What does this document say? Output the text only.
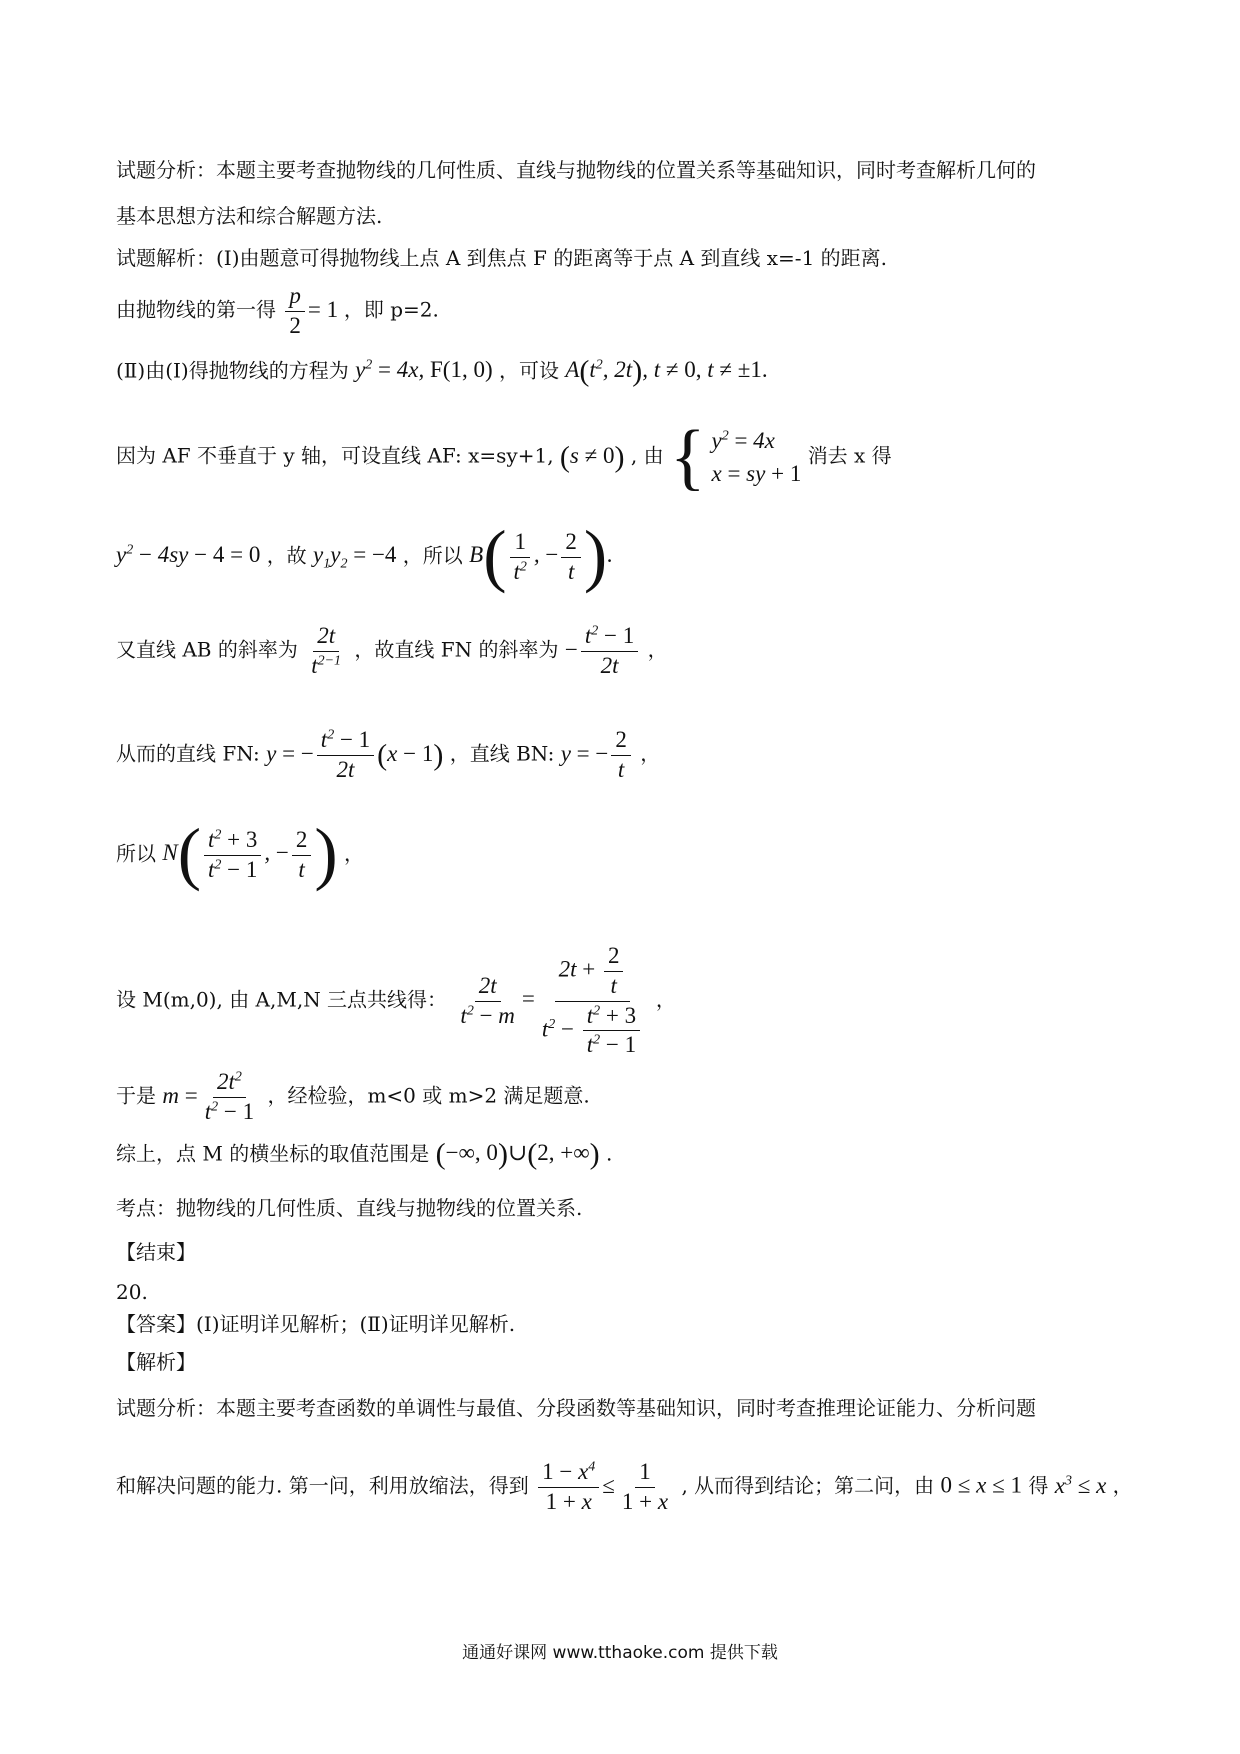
试题分析：本题主要考查抛物线的几何性质、直线与抛物线的位置关系等基础知识，同时考查解析几何的
基本思想方法和综合解题方法.
试题解析：(Ⅰ)由题意可得抛物线上点 A 到焦点 F 的距离等于点 A 到直线 x=-1 的距离.
由抛物线的第一得 $\frac{p}{2} = 1$ ，即 p=2.
(Ⅱ)由(Ⅰ)得抛物线的方程为 $y^2 = 4x$, F(1, 0) ，可设 $A(t^2$, 2t), t ≠ 0, t ≠ ±1.
因为 AF 不垂直于 y 轴，可设直线 AF: x=sy+1, (s ≠ 0) , 由 { $y^2 = 4x$
x = sy + 1
消去 x 得
$y^2 - 4sy - 4 = 0$ ，故 $y_1y_2 = -4$ ，所以 $B( \frac{1}{t^2}$ , − $\frac{2}{t}$ ).
又直线 AB 的斜率为 $\frac{2t}{t^{2-1}}$ ，故直线 FN 的斜率为 − $\frac{t^2 - 1}{2t}$ ，
从而的直线 FN: y = − $\frac{t^2 - 1}{2t} (x - 1)$ ，直线 BN: y = − $\frac{2}{t}$ ，
所以 $N( \frac{t^2 + 3}{t^2 - 1}$ , − $\frac{2}{t}$ ) ，
设 M(m,0), 由 A,M,N 三点共线得： $\frac{2t}{t^2 - m} = \frac{2t + \frac{2}{t}}{t^2 - \frac{t^2 + 3}{t^2 - 1}}$ ，
于是 $m = \frac{2t^2}{t^2 - 1}$ ，经检验，m<0 或 m>2 满足题意.
综上，点 M 的横坐标的取值范围是 (−∞, 0)∪(2, +∞) .
考点：抛物线的几何性质、直线与抛物线的位置关系.
【结束】
20.
【答案】(Ⅰ)证明详见解析；(Ⅱ)证明详见解析.
【解析】
试题分析：本题主要考查函数的单调性与最值、分段函数等基础知识，同时考查推理论证能力、分析问题
和解决问题的能力. 第一问，利用放缩法，得到 $\frac{1 - x^4}{1 + x} \le \frac{1}{1 + x}$ , 从而得到结论；第二问，由 0 ≤ x ≤ 1 得 $x^3 \le x$ ，
通通好课网 www.tthaoke.com 提供下载
